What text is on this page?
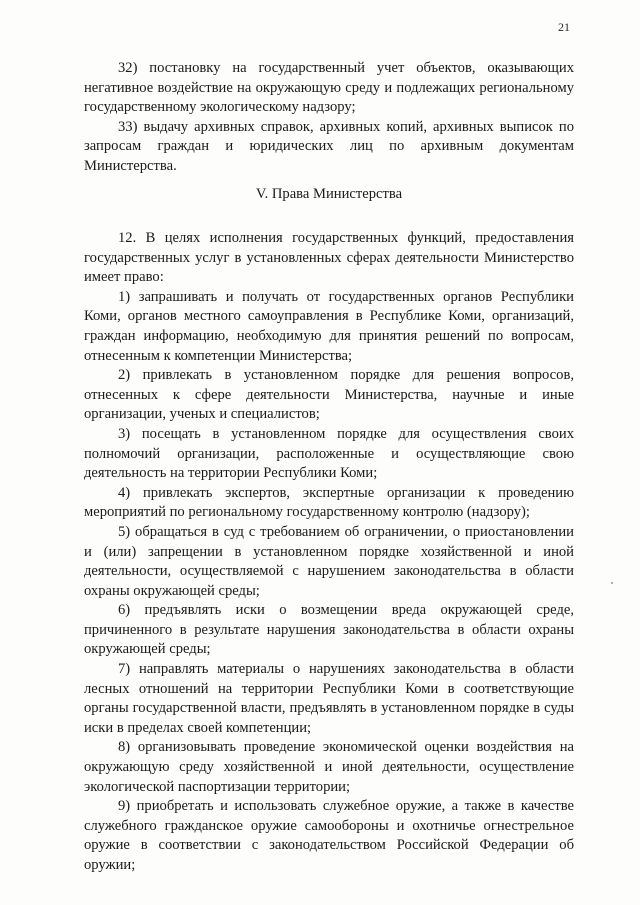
21

32) постановку на государственный учет объектов, оказывающих негативное воздействие на окружающую среду и подлежащих региональному государственному экологическому надзору;

33) выдачу архивных справок, архивных копий, архивных выписок по запросам граждан и юридических лиц по архивным документам Министерства.

V. Права Министерства

12. В целях исполнения государственных функций, предоставления государственных услуг в установленных сферах деятельности Министерство имеет право:

1) запрашивать и получать от государственных органов Республики Коми, органов местного самоуправления в Республике Коми, организаций, граждан информацию, необходимую для принятия решений по вопросам, отнесенным к компетенции Министерства;

2) привлекать в установленном порядке для решения вопросов, отнесенных к сфере деятельности Министерства, научные и иные организации, ученых и специалистов;

3) посещать в установленном порядке для осуществления своих полномочий организации, расположенные и осуществляющие свою деятельность на территории Республики Коми;

4) привлекать экспертов, экспертные организации к проведению мероприятий по региональному государственному контролю (надзору);

5) обращаться в суд с требованием об ограничении, о приостановлении и (или) запрещении в установленном порядке хозяйственной и иной деятельности, осуществляемой с нарушением законодательства в области охраны окружающей среды;

6) предъявлять иски о возмещении вреда окружающей среде, причиненного в результате нарушения законодательства в области охраны окружающей среды;

7) направлять материалы о нарушениях законодательства в области лесных отношений на территории Республики Коми в соответствующие органы государственной власти, предъявлять в установленном порядке в суды иски в пределах своей компетенции;

8) организовывать проведение экономической оценки воздействия на окружающую среду хозяйственной и иной деятельности, осуществление экологической паспортизации территории;

9) приобретать и использовать служебное оружие, а также в качестве служебного гражданское оружие самообороны и охотничье огнестрельное оружие в соответствии с законодательством Российской Федерации об оружии;
